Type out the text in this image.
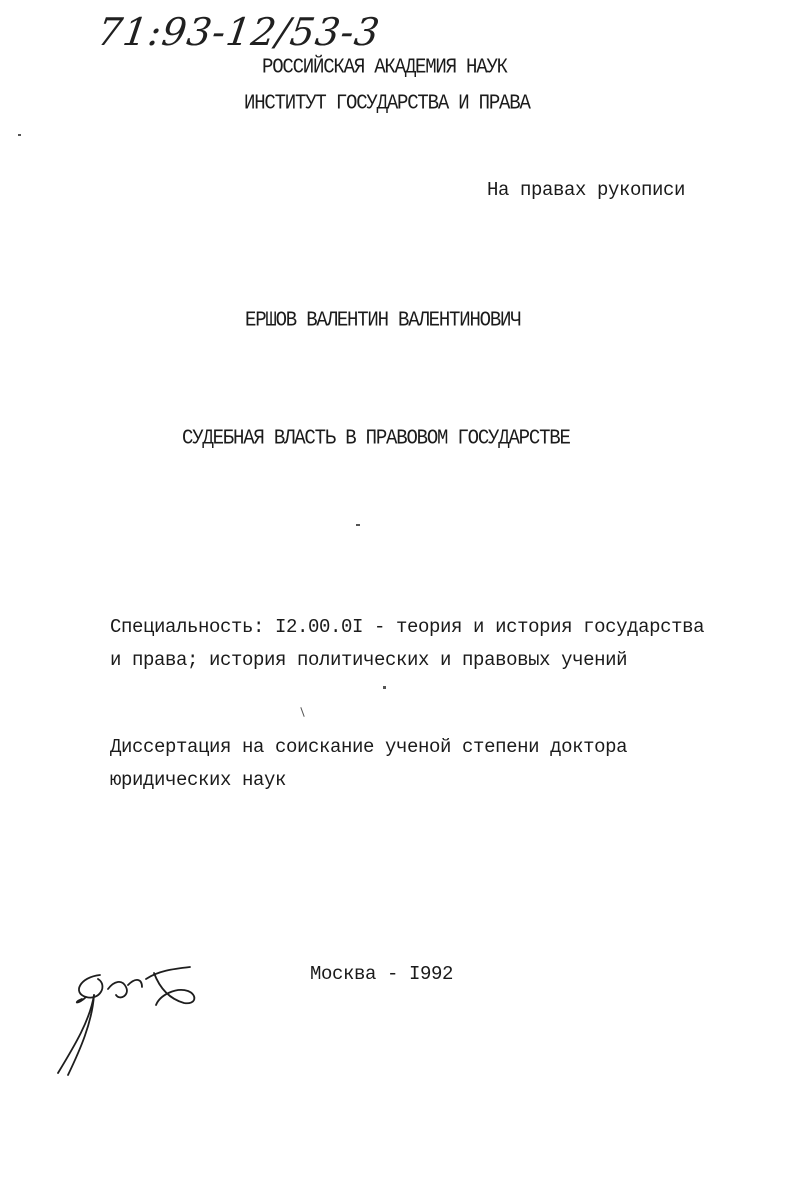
71:93-12/53-3
РОССИЙСКАЯ АКАДЕМИЯ НАУК
ИНСТИТУТ ГОСУДАРСТВА И ПРАВА
На правах рукописи
ЕРШОВ ВАЛЕНТИН ВАЛЕНТИНОВИЧ
СУДЕБНАЯ ВЛАСТЬ В ПРАВОВОМ ГОСУДАРСТВЕ
Специальность: I2.00.0I - теория и история государства
и права; история политических и правовых учений
Диссертация на соискание ученой степени доктора
юридических наук
Москва - I992
